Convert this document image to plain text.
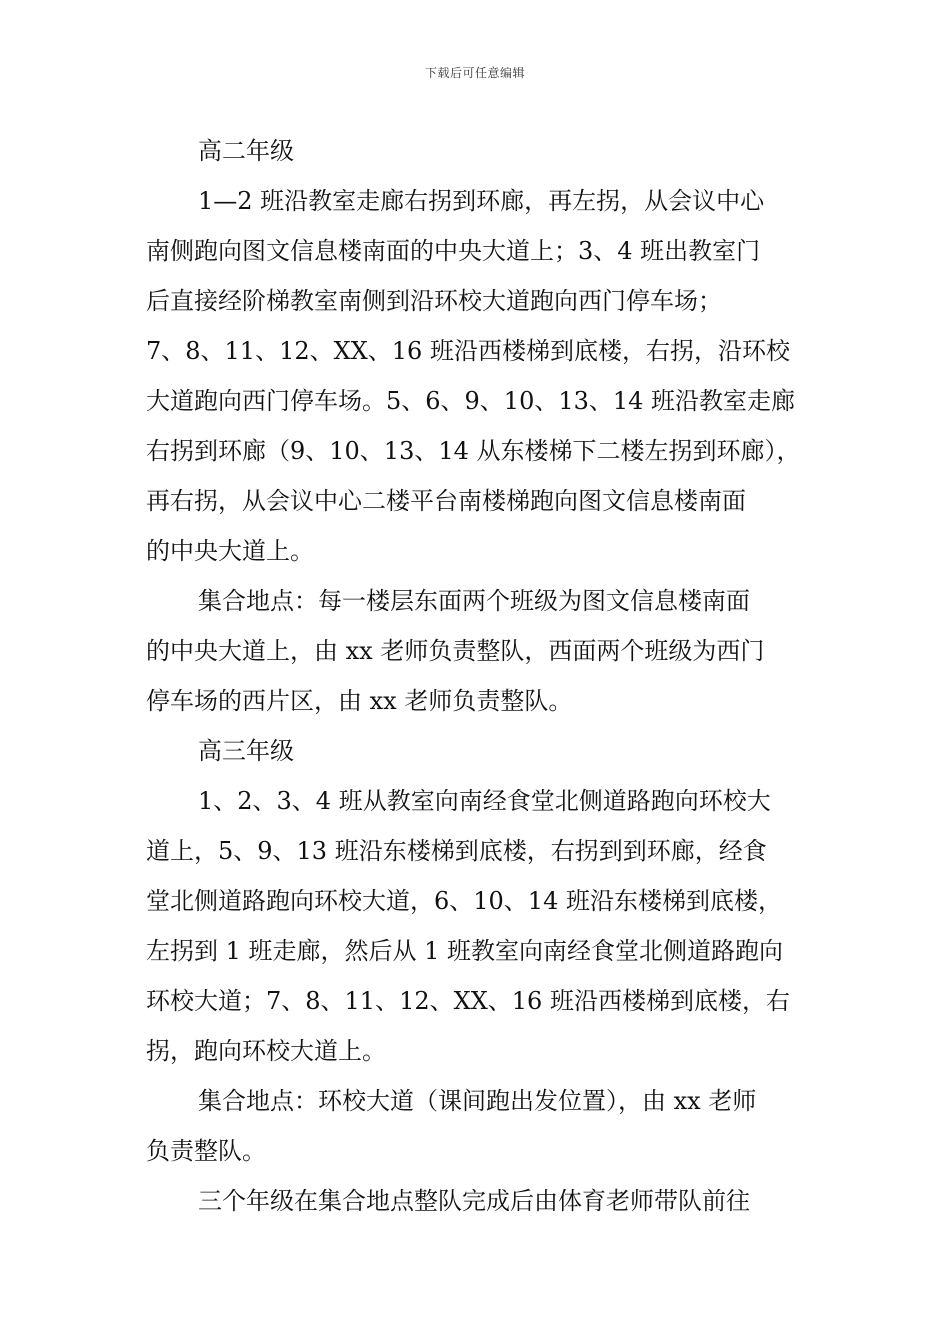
下载后可任意编辑

高二年级

1—2 班沿教室走廊右拐到环廊，再左拐，从会议中心
南侧跑向图文信息楼南面的中央大道上；3、4 班出教室门
后直接经阶梯教室南侧到沿环校大道跑向西门停车场；
7、8、11、12、XX、16 班沿西楼梯到底楼，右拐，沿环校
大道跑向西门停车场。5、6、9、10、13、14 班沿教室走廊
右拐到环廊（9、10、13、14 从东楼梯下二楼左拐到环廊），
再右拐，从会议中心二楼平台南楼梯跑向图文信息楼南面
的中央大道上。
集合地点：每一楼层东面两个班级为图文信息楼南面
的中央大道上，由 xx 老师负责整队，西面两个班级为西门
停车场的西片区，由 xx 老师负责整队。

高三年级

1、2、3、4 班从教室向南经食堂北侧道路跑向环校大
道上，5、9、13 班沿东楼梯到底楼，右拐到到环廊，经食
堂北侧道路跑向环校大道，6、10、14 班沿东楼梯到底楼，
左拐到 1 班走廊，然后从 1 班教室向南经食堂北侧道路跑向
环校大道；7、8、11、12、XX、16 班沿西楼梯到底楼，右
拐，跑向环校大道上。
集合地点：环校大道（课间跑出发位置），由 xx 老师
负责整队。
三个年级在集合地点整队完成后由体育老师带队前往
